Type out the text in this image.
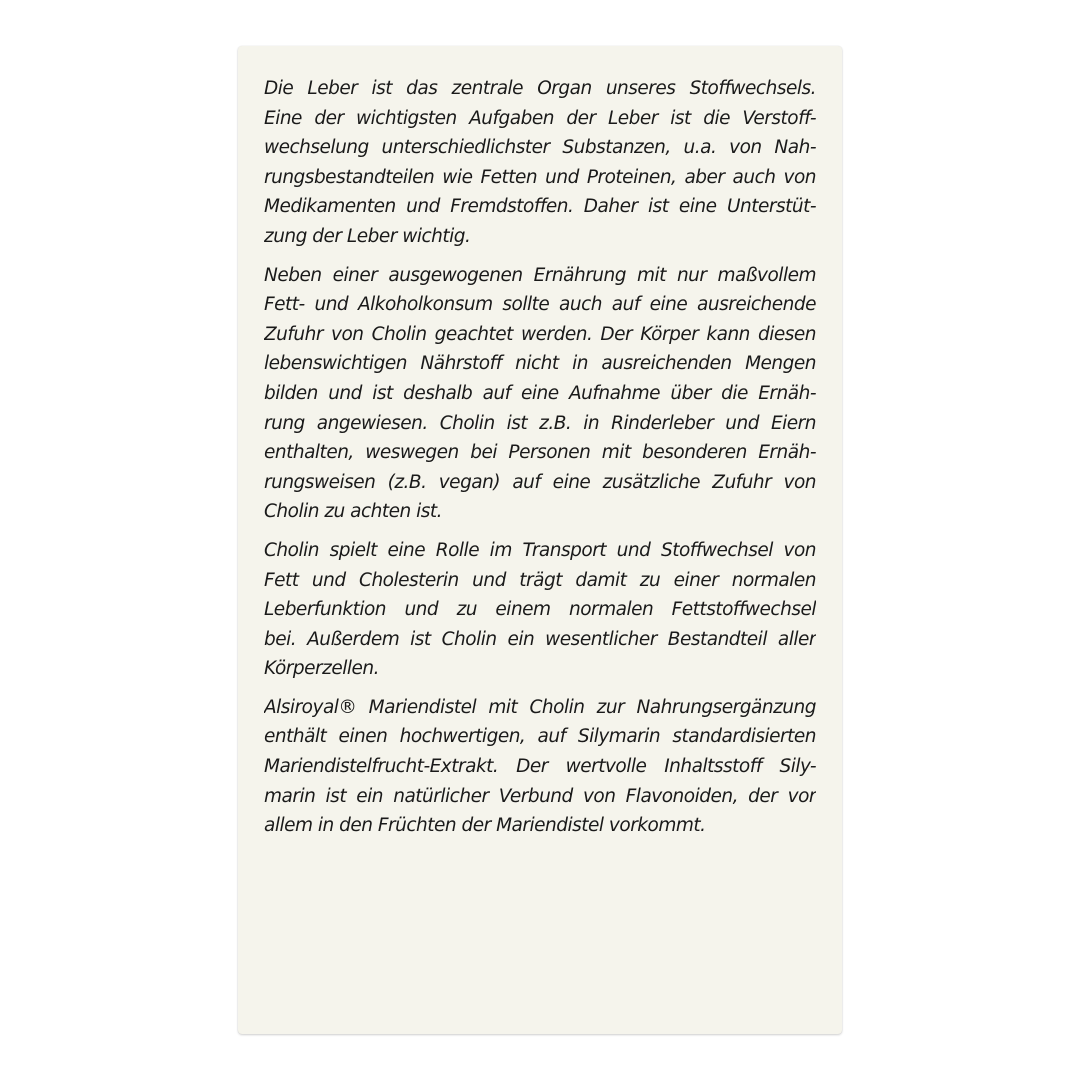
Die Leber ist das zentrale Organ unseres Stoffwechsels.
Eine der wichtigsten Aufgaben der Leber ist die Verstoff-
wechselung unterschiedlichster Substanzen, u.a. von Nah-
rungsbestandteilen wie Fetten und Proteinen, aber auch von
Medikamenten und Fremdstoffen. Daher ist eine Unterstüt-
zung der Leber wichtig.
Neben einer ausgewogenen Ernährung mit nur maßvollem
Fett- und Alkoholkonsum sollte auch auf eine ausreichende
Zufuhr von Cholin geachtet werden. Der Körper kann diesen
lebenswichtigen Nährstoff nicht in ausreichenden Mengen
bilden und ist deshalb auf eine Aufnahme über die Ernäh-
rung angewiesen. Cholin ist z.B. in Rinderleber und Eiern
enthalten, weswegen bei Personen mit besonderen Ernäh-
rungsweisen (z.B. vegan) auf eine zusätzliche Zufuhr von
Cholin zu achten ist.
Cholin spielt eine Rolle im Transport und Stoffwechsel von
Fett und Cholesterin und trägt damit zu einer normalen
Leberfunktion und zu einem normalen Fettstoffwechsel
bei. Außerdem ist Cholin ein wesentlicher Bestandteil aller
Körperzellen.
Alsiroyal® Mariendistel mit Cholin zur Nahrungsergänzung
enthält einen hochwertigen, auf Silymarin standardisierten
Mariendistelfrucht-Extrakt. Der wertvolle Inhaltsstoff Sily-
marin ist ein natürlicher Verbund von Flavonoiden, der vor
allem in den Früchten der Mariendistel vorkommt.
